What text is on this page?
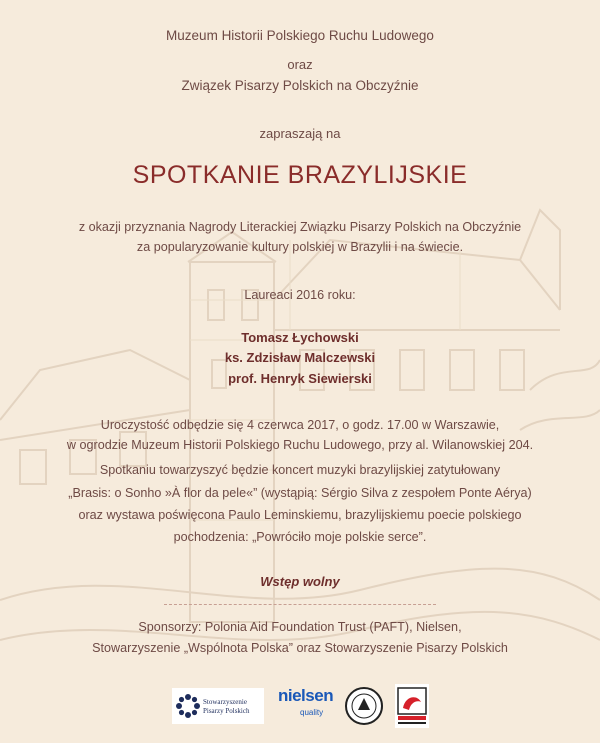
Muzeum Historii Polskiego Ruchu Ludowego
oraz
Związek Pisarzy Polskich na Obczyźnie
zapraszają na
SPOTKANIE BRAZYLIJSKIE
z okazji przyznania Nagrody Literackiej Związku Pisarzy Polskich na Obczyźnie
za popularyzowanie kultury polskiej w Brazylii i na świecie.
Laureaci 2016 roku:
Tomasz Łychowski
ks. Zdzisław Malczewski
prof. Henryk Siewierski
Uroczystość odbędzie się 4 czerwca 2017, o godz. 17.00 w Warszawie,
w ogrodzie Muzeum Historii Polskiego Ruchu Ludowego, przy al. Wilanowskiej 204.
Spotkaniu towarzyszyć będzie koncert muzyki brazylijskiej zatytułowany
„Brasis: o Sonho »À flor da pele«” (wystąpią: Sérgio Silva z zespołem Ponte Aérya)
oraz wystawa poświęcona Paulo Leminskiemu, brazylijskiemu poecie polskiego
pochodzenia: „Powróciło moje polskie serce”.
Wstęp wolny
Sponsorzy: Polonia Aid Foundation Trust (PAFT), Nielsen,
Stowarzyszenie „Wspólnota Polska” oraz Stowarzyszenie Pisarzy Polskich
Stowarzyszenie
Pisarzy Polskich
nielsen
quality
